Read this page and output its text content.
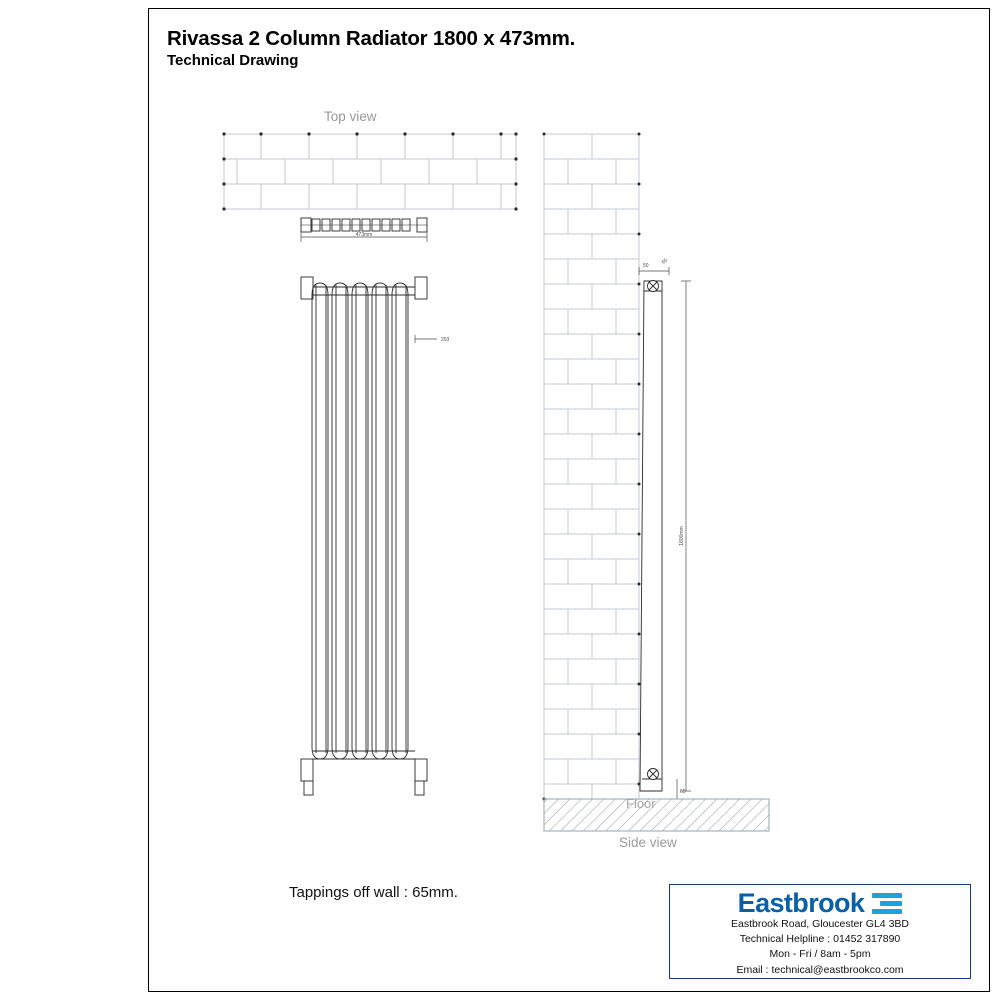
Rivassa 2 Column Radiator 1800 x 473mm.
Technical Drawing
Top view
Side view
Tappings off wall : 65mm.
473mm
203
50
65
65
1800mm
Eastbrook
Eastbrook Road, Gloucester GL4 3BD
Technical Helpline : 01452 317890
Mon - Fri / 8am - 5pm
Email : technical@eastbrookco.com
